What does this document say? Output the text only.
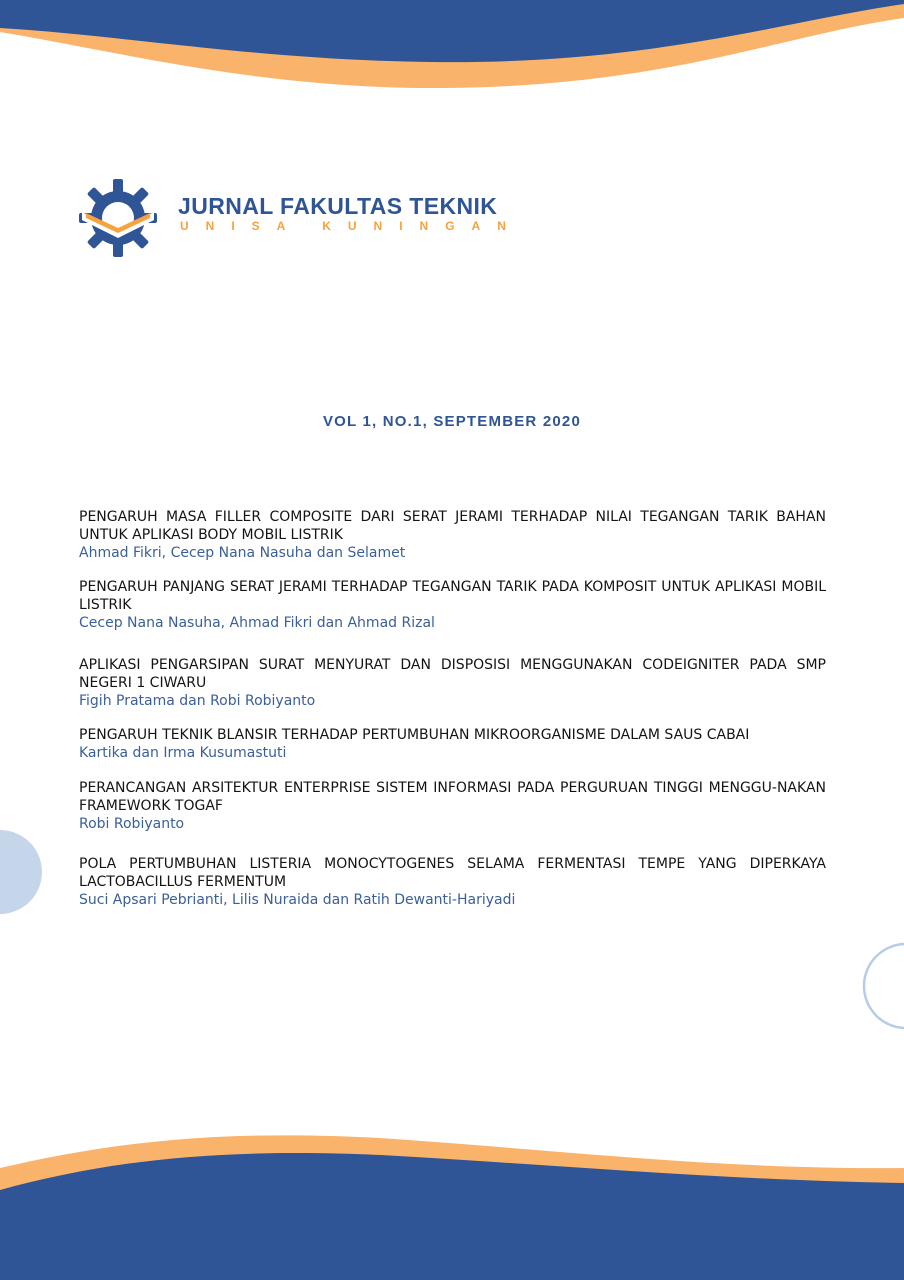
JURNAL FAKULTAS TEKNIK
UNISA KUNINGAN
VOL 1, NO.1, SEPTEMBER 2020
PENGARUH MASA FILLER COMPOSITE DARI SERAT JERAMI TERHADAP NILAI TEGANGAN TARIK BAHAN UNTUK APLIKASI BODY MOBIL LISTRIK
Ahmad Fikri, Cecep Nana Nasuha dan Selamet
PENGARUH PANJANG SERAT JERAMI TERHADAP TEGANGAN TARIK PADA KOMPOSIT UNTUK APLIKASI MOBIL LISTRIK
Cecep Nana Nasuha, Ahmad Fikri dan Ahmad Rizal
APLIKASI PENGARSIPAN SURAT MENYURAT DAN DISPOSISI MENGGUNAKAN CODEIGNITER PADA SMP NEGERI 1 CIWARU
Figih Pratama dan Robi Robiyanto
PENGARUH TEKNIK BLANSIR TERHADAP PERTUMBUHAN MIKROORGANISME DALAM SAUS CABAI
Kartika dan Irma Kusumastuti
PERANCANGAN ARSITEKTUR ENTERPRISE SISTEM INFORMASI PADA PERGURUAN TINGGI MENGGU-NAKAN FRAMEWORK TOGAF
Robi Robiyanto
POLA PERTUMBUHAN LISTERIA MONOCYTOGENES SELAMA FERMENTASI TEMPE YANG DIPERKAYA LACTOBACILLUS FERMENTUM
Suci Apsari Pebrianti, Lilis Nuraida dan Ratih Dewanti-Hariyadi
